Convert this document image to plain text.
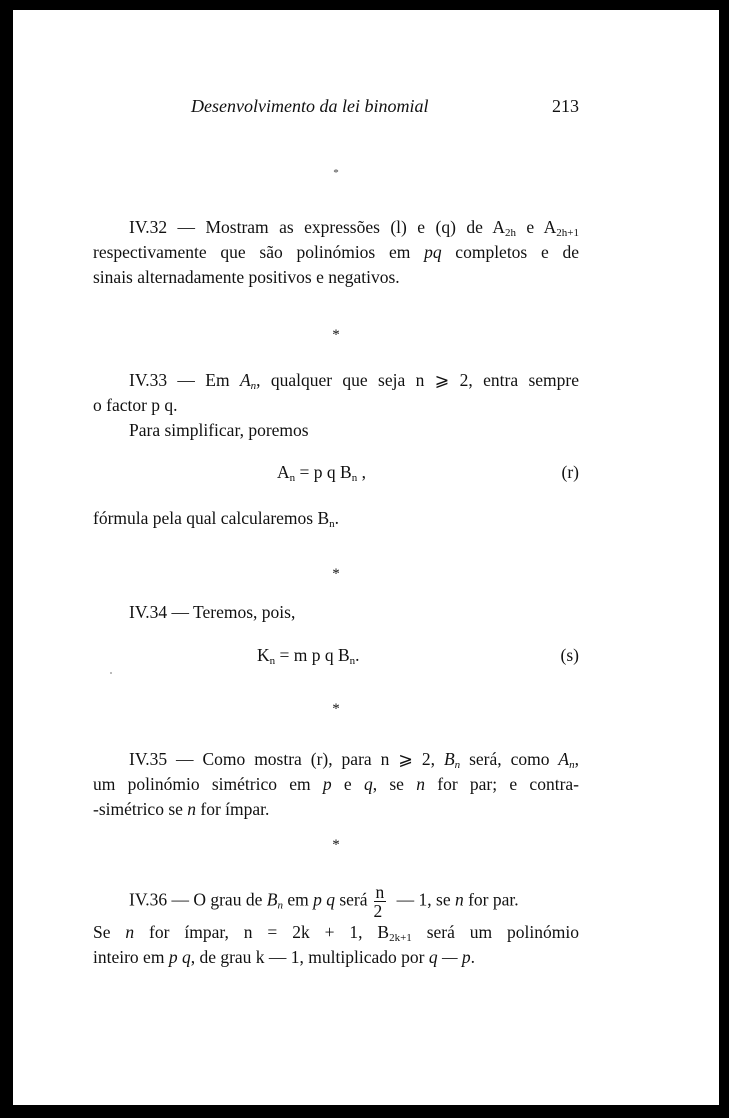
Desenvolvimento da lei binomial	213
*
IV.32 — Mostram as expressões (l) e (q) de $A_{2h}$ e $A_{2h+1}$
respectivamente que são polinómios em pq completos e de
sinais alternadamente positivos e negativos.
*
IV.33 — Em $A_n$, qualquer que seja n ⩾ 2, entra sempre
o factor p q.
Para simplificar, poremos
$A_n = p$ q $B_n$ ,	(r)
fórmula pela qual calcularemos $B_n$.
*
IV.34 — Teremos, pois,
$K_n = m$ p q $B_n$.	(s)
*
IV.35 — Como mostra (r), para n ⩾ 2, $B_n$ será, como $A_n$,
um polinómio simétrico em p e q, se n for par; e contra-
-simétrico se n for ímpar.
*
IV.36 — O grau de $B_n$ em p q será $\frac{n}{2}$ — 1, se n for par.
Se n for ímpar, n = 2k + 1, $B_{2k+1}$ será um polinómio
inteiro em p q, de grau k — 1, multiplicado por q — p.
